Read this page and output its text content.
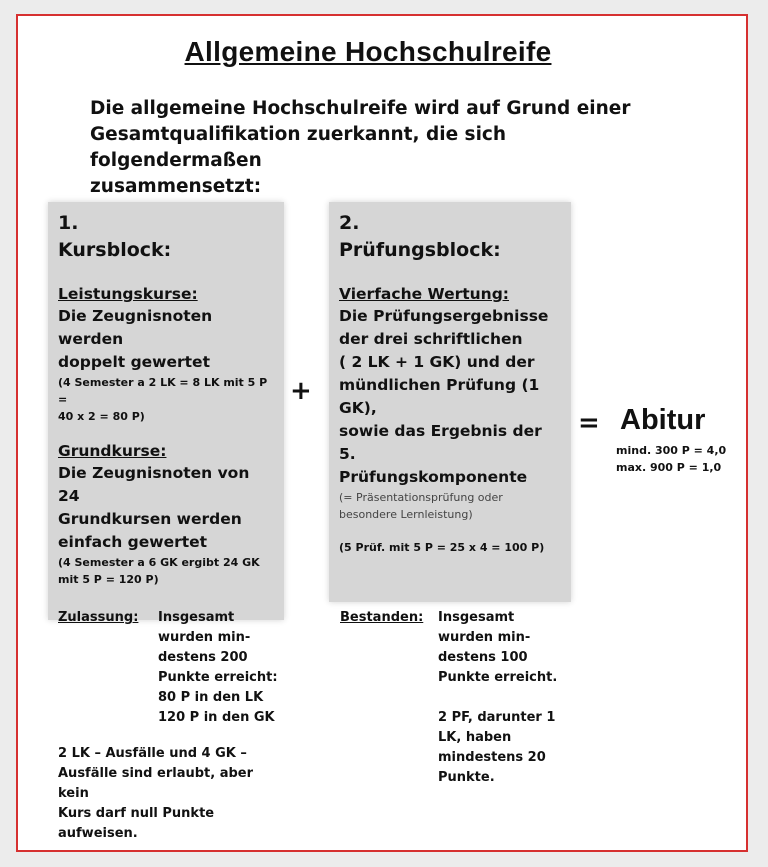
Allgemeine Hochschulreife
Die allgemeine Hochschulreife wird auf Grund einer
Gesamtqualifikation zuerkannt, die sich folgendermaßen
zusammensetzt:
1.
Kursblock:
Leistungskurse:
Die Zeugnisnoten werden
doppelt gewertet
(4 Semester a 2 LK = 8 LK mit 5 P =
40 x 2 = 80 P)
Grundkurse:
Die Zeugnisnoten von 24
Grundkursen werden
einfach gewertet
(4 Semester a 6 GK ergibt 24 GK
mit 5 P = 120 P)
+
2.
Prüfungsblock:
Vierfache Wertung:
Die Prüfungsergebnisse
der drei schriftlichen
( 2 LK + 1 GK) und der
mündlichen Prüfung (1 GK),
sowie das Ergebnis der 5.
Prüfungskomponente
(= Präsentationsprüfung oder
besondere Lernleistung)
(5 Prüf. mit 5 P = 25 x 4 = 100 P)
= Abitur
mind. 300 P = 4,0
max. 900 P = 1,0
Zulassung: Insgesamt
wurden min-
destens 200
Punkte erreicht:
80 P in den LK
120 P in den GK
Bestanden: Insgesamt
wurden min-
destens 100
Punkte erreicht.
2 PF, darunter 1
LK, haben
mindestens 20
Punkte.
2 LK – Ausfälle und 4 GK –
Ausfälle sind erlaubt, aber kein
Kurs darf null Punkte
aufweisen.
